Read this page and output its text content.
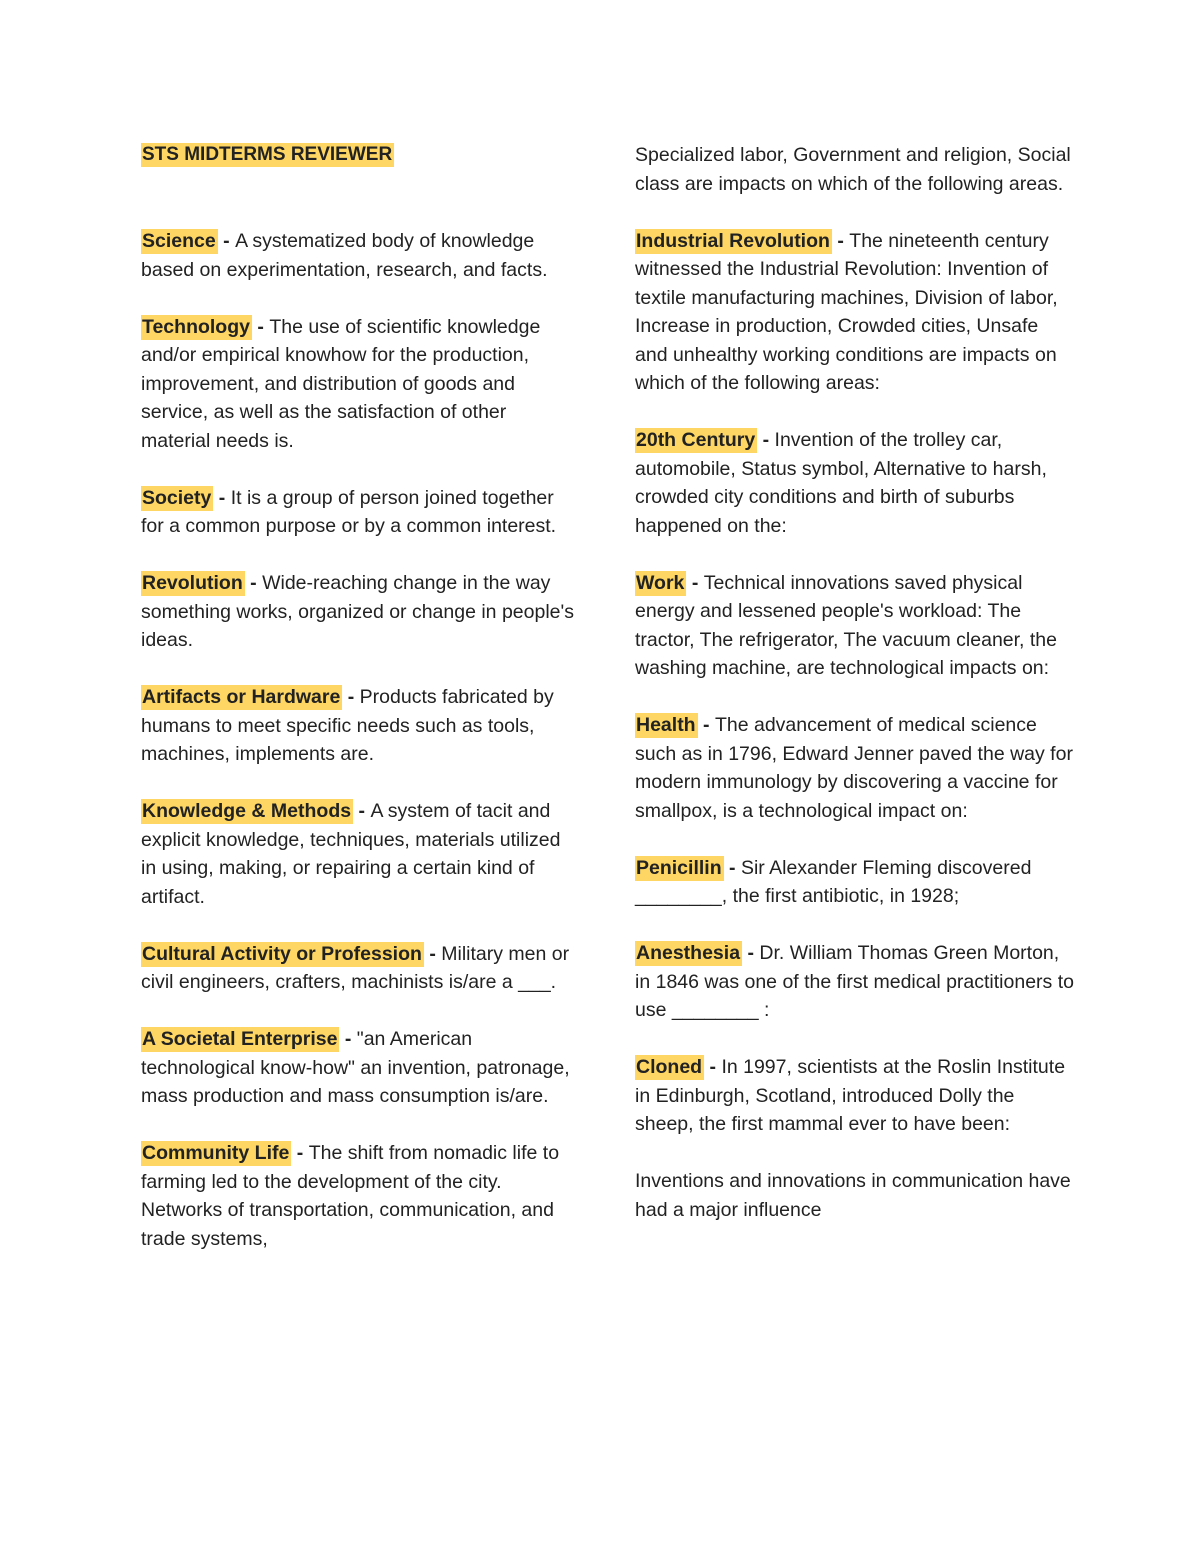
STS MIDTERMS REVIEWER

Science - A systematized body of knowledge based on experimentation, research, and facts.

Technology - The use of scientific knowledge and/or empirical knowhow for the production, improvement, and distribution of goods and service, as well as the satisfaction of other material needs is.

Society - It is a group of person joined together for a common purpose or by a common interest.

Revolution - Wide-reaching change in the way something works, organized or change in people's ideas.

Artifacts or Hardware - Products fabricated by humans to meet specific needs such as tools, machines, implements are.

Knowledge & Methods - A system of tacit and explicit knowledge, techniques, materials utilized in using, making, or repairing a certain kind of artifact.

Cultural Activity or Profession - Military men or civil engineers, crafters, machinists is/are a ___.

A Societal Enterprise - "an American technological know-how" an invention, patronage, mass production and mass consumption is/are.

Community Life - The shift from nomadic life to farming led to the development of the city. Networks of transportation, communication, and trade systems,

Specialized labor, Government and religion, Social class are impacts on which of the following areas.

Industrial Revolution - The nineteenth century witnessed the Industrial Revolution: Invention of textile manufacturing machines, Division of labor, Increase in production, Crowded cities, Unsafe and unhealthy working conditions are impacts on which of the following areas:

20th Century - Invention of the trolley car, automobile, Status symbol, Alternative to harsh, crowded city conditions and birth of suburbs happened on the:

Work - Technical innovations saved physical energy and lessened people's workload: The tractor, The refrigerator, The vacuum cleaner, the washing machine, are technological impacts on:

Health - The advancement of medical science such as in 1796, Edward Jenner paved the way for modern immunology by discovering a vaccine for smallpox, is a technological impact on:

Penicillin - Sir Alexander Fleming discovered ________, the first antibiotic, in 1928;

Anesthesia - Dr. William Thomas Green Morton, in 1846 was one of the first medical practitioners to use ________ :

Cloned - In 1997, scientists at the Roslin Institute in Edinburgh, Scotland, introduced Dolly the sheep, the first mammal ever to have been:

Inventions and innovations in communication have had a major influence
